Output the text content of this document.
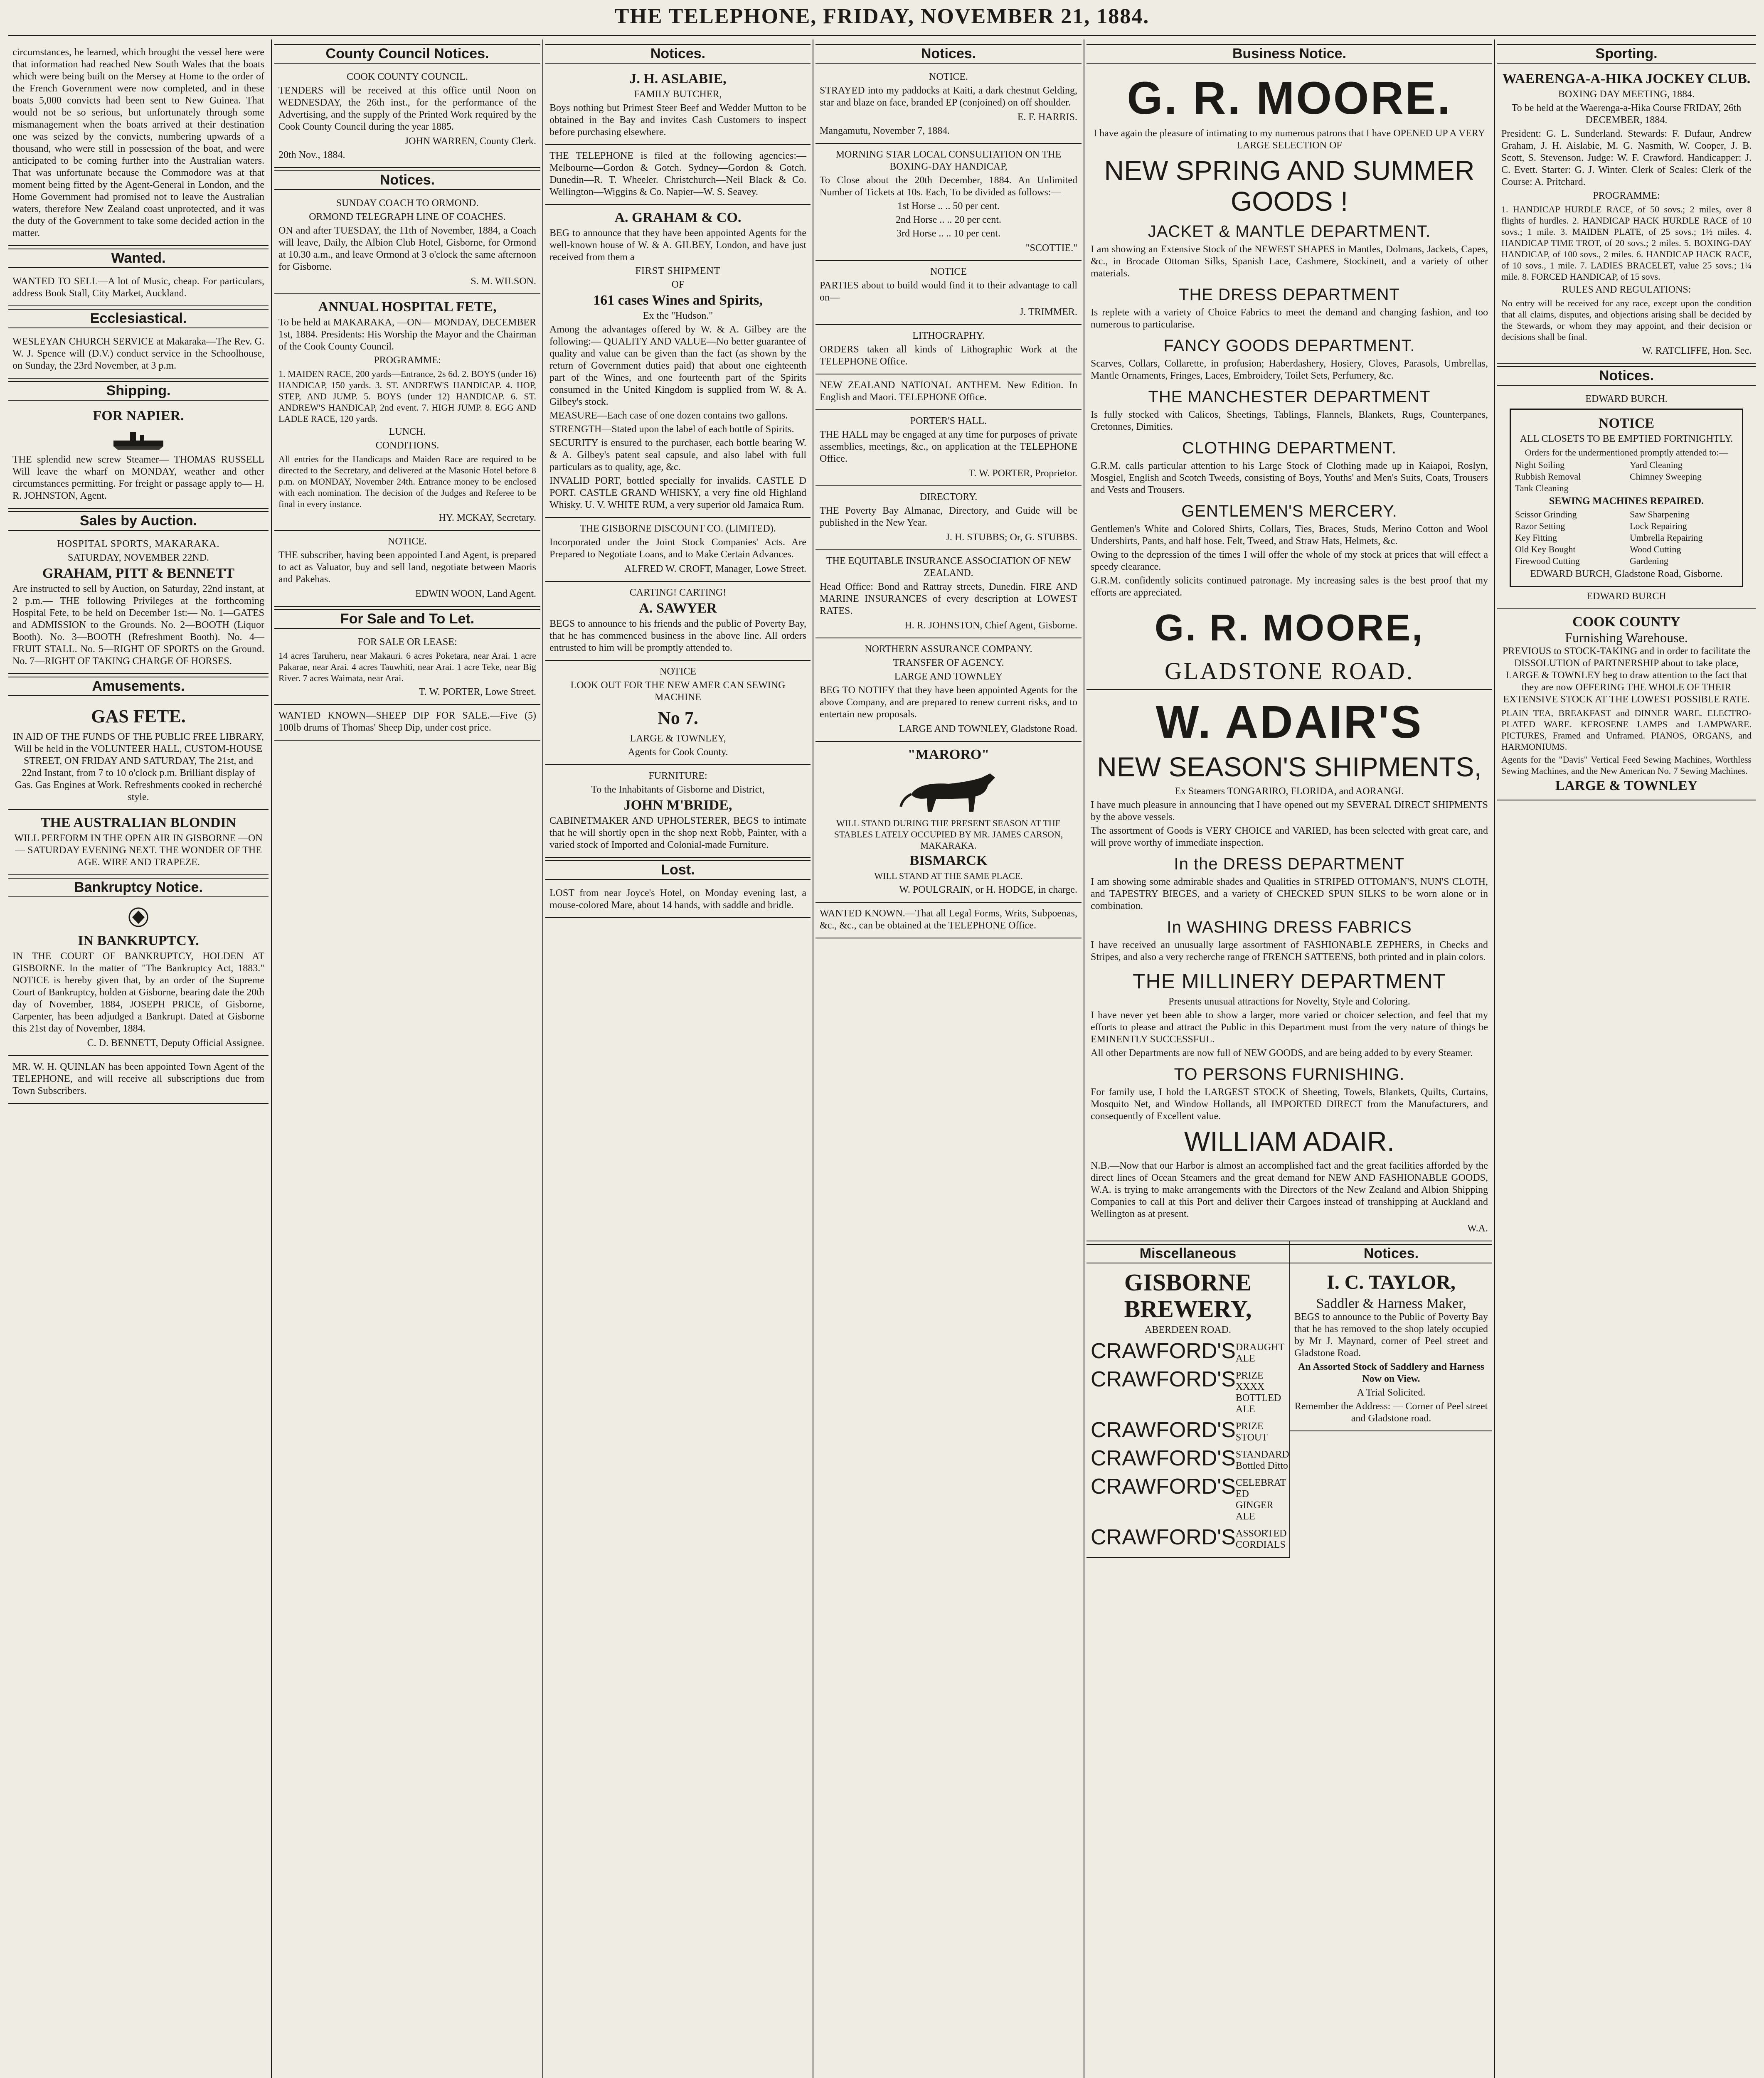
THE TELEPHONE, FRIDAY, NOVEMBER 21, 1884.

circumstances, he learned, which brought the vessel here were that information had reached New South Wales that the boats which were being built on the Mersey at Home to the order of the French Government were now completed, and in these boats 5,000 convicts had been sent to New Guinea. That would not be so serious, but unfortunately through some mismanagement when the boats arrived at their destination one was seized by the convicts, numbering upwards of a thousand, who were still in possession of the boat, and were anticipated to be coming further into the Australian waters. That was unfortunate because the Commodore was at that moment being fitted by the Agent-General in London, and the Home Government had promised not to leave the Australian waters, therefore New Zealand coast unprotected, and it was the duty of the Government to take some decided action in the matter.

Wanted.

WANTED TO SELL—A lot of Music, cheap. For particulars, address Book Stall, City Market, Auckland.

Ecclesiastical.

WESLEYAN CHURCH SERVICE at Makaraka—The Rev. G. W. J. Spence will (D.V.) conduct service in the Schoolhouse, on Sunday, the 23rd November, at 3 p.m.

Shipping.
FOR NAPIER.

THE splendid new screw Steamer— THOMAS RUSSELL Will leave the wharf on MONDAY, weather and other circumstances permitting. For freight or passage apply to— H. R. JOHNSTON, Agent.

Sales by Auction.

HOSPITAL SPORTS, MAKARAKA.

SATURDAY, NOVEMBER 22ND.

GRAHAM, PITT & BENNETT

Are instructed to sell by Auction, on Saturday, 22nd instant, at 2 p.m.— THE following Privileges at the forthcoming Hospital Fete, to be held on December 1st:— No. 1—GATES and ADMISSION to the Grounds. No. 2—BOOTH (Liquor Booth). No. 3—BOOTH (Refreshment Booth). No. 4—FRUIT STALL. No. 5—RIGHT OF SPORTS on the Ground. No. 7—RIGHT OF TAKING CHARGE OF HORSES.

Amusements.
GAS FETE.

IN AID OF THE FUNDS OF THE PUBLIC FREE LIBRARY, Will be held in the VOLUNTEER HALL, CUSTOM-HOUSE STREET, ON FRIDAY AND SATURDAY, The 21st, and 22nd Instant, from 7 to 10 o'clock p.m. Brilliant display of Gas. Gas Engines at Work. Refreshments cooked in recherché style.

THE AUSTRALIAN BLONDIN

WILL PERFORM IN THE OPEN AIR IN GISBORNE —ON— SATURDAY EVENING NEXT. THE WONDER OF THE AGE. WIRE AND TRAPEZE.

Bankruptcy Notice.
IN BANKRUPTCY.

IN THE COURT OF BANKRUPTCY, HOLDEN AT GISBORNE. In the matter of "The Bankruptcy Act, 1883." NOTICE is hereby given that, by an order of the Supreme Court of Bankruptcy, holden at Gisborne, bearing date the 20th day of November, 1884, JOSEPH PRICE, of Gisborne, Carpenter, has been adjudged a Bankrupt. Dated at Gisborne this 21st day of November, 1884.

C. D. BENNETT, Deputy Official Assignee.

MR. W. H. QUINLAN has been appointed Town Agent of the TELEPHONE, and will receive all subscriptions due from Town Subscribers.

County Council Notices.

COOK COUNTY COUNCIL.

TENDERS will be received at this office until Noon on WEDNESDAY, the 26th inst., for the performance of the Advertising, and the supply of the Printed Work required by the Cook County Council during the year 1885.

JOHN WARREN, County Clerk.

20th Nov., 1884.

Notices.

SUNDAY COACH TO ORMOND.

ORMOND TELEGRAPH LINE OF COACHES.

ON and after TUESDAY, the 11th of November, 1884, a Coach will leave, Daily, the Albion Club Hotel, Gisborne, for Ormond at 10.30 a.m., and leave Ormond at 3 o'clock the same afternoon for Gisborne.

S. M. WILSON.

ANNUAL HOSPITAL FETE,

To be held at MAKARAKA, —ON— MONDAY, DECEMBER 1st, 1884. Presidents: His Worship the Mayor and the Chairman of the Cook County Council.

PROGRAMME:

1. MAIDEN RACE, 200 yards—Entrance, 2s 6d. 2. BOYS (under 16) HANDICAP, 150 yards. 3. ST. ANDREW'S HANDICAP. 4. HOP, STEP, AND JUMP. 5. BOYS (under 12) HANDICAP. 6. ST. ANDREW'S HANDICAP, 2nd event. 7. HIGH JUMP. 8. EGG AND LADLE RACE, 120 yards.

LUNCH.

CONDITIONS.

All entries for the Handicaps and Maiden Race are required to be directed to the Secretary, and delivered at the Masonic Hotel before 8 p.m. on MONDAY, November 24th. Entrance money to be enclosed with each nomination. The decision of the Judges and Referee to be final in every instance.

HY. MCKAY, Secretary.

NOTICE.

THE subscriber, having been appointed Land Agent, is prepared to act as Valuator, buy and sell land, negotiate between Maoris and Pakehas.

EDWIN WOON, Land Agent.

For Sale and To Let.

FOR SALE OR LEASE:

14 acres Taruheru, near Makauri. 6 acres Poketara, near Arai. 1 acre Pakarae, near Arai. 4 acres Tauwhiti, near Arai. 1 acre Teke, near Big River. 7 acres Waimata, near Arai.

T. W. PORTER, Lowe Street.

WANTED KNOWN—SHEEP DIP FOR SALE.—Five (5) 100lb drums of Thomas' Sheep Dip, under cost price.

Notices.
J. H. ASLABIE,

FAMILY BUTCHER,

Boys nothing but Primest Steer Beef and Wedder Mutton to be obtained in the Bay and invites Cash Customers to inspect before purchasing elsewhere.

THE TELEPHONE is filed at the following agencies:— Melbourne—Gordon & Gotch. Sydney—Gordon & Gotch. Dunedin—R. T. Wheeler. Christchurch—Neil Black & Co. Wellington—Wiggins & Co. Napier—W. S. Seavey.

A. GRAHAM & CO.

BEG to announce that they have been appointed Agents for the well-known house of W. & A. GILBEY, London, and have just received from them a

FIRST SHIPMENT

OF

161 cases Wines and Spirits,

Ex the "Hudson."

Among the advantages offered by W. & A. Gilbey are the following:— QUALITY AND VALUE—No better guarantee of quality and value can be given than the fact (as shown by the return of Government duties paid) that about one eighteenth part of the Wines, and one fourteenth part of the Spirits consumed in the United Kingdom is supplied from W. & A. Gilbey's stock.

MEASURE—Each case of one dozen contains two gallons.

STRENGTH—Stated upon the label of each bottle of Spirits.

SECURITY is ensured to the purchaser, each bottle bearing W. & A. Gilbey's patent seal capsule, and also label with full particulars as to quality, age, &c.

INVALID PORT, bottled specially for invalids. CASTLE D PORT. CASTLE GRAND WHISKY, a very fine old Highland Whisky. U. V. WHITE RUM, a very superior old Jamaica Rum.

THE GISBORNE DISCOUNT CO. (LIMITED).

Incorporated under the Joint Stock Companies' Acts. Are Prepared to Negotiate Loans, and to Make Certain Advances.

ALFRED W. CROFT, Manager, Lowe Street.

CARTING! CARTING!

A. SAWYER

BEGS to announce to his friends and the public of Poverty Bay, that he has commenced business in the above line. All orders entrusted to him will be promptly attended to.

NOTICE

LOOK OUT FOR THE NEW AMER CAN SEWING MACHINE

No 7.

LARGE & TOWNLEY,

Agents for Cook County.

FURNITURE:

To the Inhabitants of Gisborne and District,

JOHN M'BRIDE,

CABINETMAKER AND UPHOLSTERER, BEGS to intimate that he will shortly open in the shop next Robb, Painter, with a varied stock of Imported and Colonial-made Furniture.

Lost.

LOST from near Joyce's Hotel, on Monday evening last, a mouse-colored Mare, about 14 hands, with saddle and bridle.

Notices.

NOTICE.

STRAYED into my paddocks at Kaiti, a dark chestnut Gelding, star and blaze on face, branded EP (conjoined) on off shoulder.

E. F. HARRIS.

Mangamutu, November 7, 1884.

MORNING STAR LOCAL CONSULTATION ON THE BOXING-DAY HANDICAP,

To Close about the 20th December, 1884. An Unlimited Number of Tickets at 10s. Each, To be divided as follows:—

1st Horse .. .. 50 per cent.

2nd Horse .. .. 20 per cent.

3rd Horse .. .. 10 per cent.

"SCOTTIE."

NOTICE

PARTIES about to build would find it to their advantage to call on—

J. TRIMMER.

LITHOGRAPHY.

ORDERS taken all kinds of Lithographic Work at the TELEPHONE Office.

NEW ZEALAND NATIONAL ANTHEM. New Edition. In English and Maori. TELEPHONE Office.

PORTER'S HALL.

THE HALL may be engaged at any time for purposes of private assemblies, meetings, &c., on application at the TELEPHONE Office.

T. W. PORTER, Proprietor.

DIRECTORY.

THE Poverty Bay Almanac, Directory, and Guide will be published in the New Year.

J. H. STUBBS; Or, G. STUBBS.

THE EQUITABLE INSURANCE ASSOCIATION OF NEW ZEALAND.

Head Office: Bond and Rattray streets, Dunedin. FIRE AND MARINE INSURANCES of every description at LOWEST RATES.

H. R. JOHNSTON, Chief Agent, Gisborne.

NORTHERN ASSURANCE COMPANY.

TRANSFER OF AGENCY.

LARGE AND TOWNLEY

BEG TO NOTIFY that they have been appointed Agents for the above Company, and are prepared to renew current risks, and to entertain new proposals.

LARGE AND TOWNLEY, Gladstone Road.

"MARORO"

WILL STAND DURING THE PRESENT SEASON AT THE STABLES LATELY OCCUPIED BY MR. JAMES CARSON, MAKARAKA.

BISMARCK

WILL STAND AT THE SAME PLACE.

W. POULGRAIN, or H. HODGE, in charge.

WANTED KNOWN.—That all Legal Forms, Writs, Subpoenas, &c., &c., can be obtained at the TELEPHONE Office.

Business Notice.
G. R. MOORE.

I have again the pleasure of intimating to my numerous patrons that I have OPENED UP A VERY LARGE SELECTION OF

NEW SPRING AND SUMMER GOODS !
JACKET & MANTLE DEPARTMENT.

I am showing an Extensive Stock of the NEWEST SHAPES in Mantles, Dolmans, Jackets, Capes, &c., in Brocade Ottoman Silks, Spanish Lace, Cashmere, Stockinett, and a variety of other materials.

THE DRESS DEPARTMENT

Is replete with a variety of Choice Fabrics to meet the demand and changing fashion, and too numerous to particularise.

FANCY GOODS DEPARTMENT.

Scarves, Collars, Collarette, in profusion; Haberdashery, Hosiery, Gloves, Parasols, Umbrellas, Mantle Ornaments, Fringes, Laces, Embroidery, Toilet Sets, Perfumery, &c.

THE MANCHESTER DEPARTMENT

Is fully stocked with Calicos, Sheetings, Tablings, Flannels, Blankets, Rugs, Counterpanes, Cretonnes, Dimities.

CLOTHING DEPARTMENT.

G.R.M. calls particular attention to his Large Stock of Clothing made up in Kaiapoi, Roslyn, Mosgiel, English and Scotch Tweeds, consisting of Boys, Youths' and Men's Suits, Coats, Trousers and Vests and Trousers.

GENTLEMEN'S MERCERY.

Gentlemen's White and Colored Shirts, Collars, Ties, Braces, Studs, Merino Cotton and Wool Undershirts, Pants, and half hose. Felt, Tweed, and Straw Hats, Helmets, &c.

Owing to the depression of the times I will offer the whole of my stock at prices that will effect a speedy clearance.

G.R.M. confidently solicits continued patronage. My increasing sales is the best proof that my efforts are appreciated.

G. R. MOORE,
GLADSTONE ROAD.
W. ADAIR'S
NEW SEASON'S SHIPMENTS,

Ex Steamers TONGARIRO, FLORIDA, and AORANGI.

I have much pleasure in announcing that I have opened out my SEVERAL DIRECT SHIPMENTS by the above vessels.

The assortment of Goods is VERY CHOICE and VARIED, has been selected with great care, and will prove worthy of immediate inspection.

In the DRESS DEPARTMENT

I am showing some admirable shades and Qualities in STRIPED OTTOMAN'S, NUN'S CLOTH, and TAPESTRY BIEGES, and a variety of CHECKED SPUN SILKS to be worn alone or in combination.

In WASHING DRESS FABRICS

I have received an unusually large assortment of FASHIONABLE ZEPHERS, in Checks and Stripes, and also a very recherche range of FRENCH SATTEENS, both printed and in plain colors.

THE MILLINERY DEPARTMENT

Presents unusual attractions for Novelty, Style and Coloring.

I have never yet been able to show a larger, more varied or choicer selection, and feel that my efforts to please and attract the Public in this Department must from the very nature of things be EMINENTLY SUCCESSFUL.

All other Departments are now full of NEW GOODS, and are being added to by every Steamer.

TO PERSONS FURNISHING.

For family use, I hold the LARGEST STOCK of Sheeting, Towels, Blankets, Quilts, Curtains, Mosquito Net, and Window Hollands, all IMPORTED DIRECT from the Manufacturers, and consequently of Excellent value.

WILLIAM ADAIR.

N.B.—Now that our Harbor is almost an accomplished fact and the great facilities afforded by the direct lines of Ocean Steamers and the great demand for NEW AND FASHIONABLE GOODS, W.A. is trying to make arrangements with the Directors of the New Zealand and Albion Shipping Companies to call at this Port and deliver their Cargoes instead of transhipping at Auckland and Wellington as at present.

W.A.

Miscellaneous
GISBORNE BREWERY,

ABERDEEN ROAD.

CRAWFORD'S DRAUGHT ALE
CRAWFORD'S PRIZE XXXX BOTTLED ALE
CRAWFORD'S PRIZE STOUT
CRAWFORD'S STANDARD Bottled Ditto
CRAWFORD'S CELEBRAT ED GINGER ALE
CRAWFORD'S ASSORTED CORDIALS
Notices.
I. C. TAYLOR,

Saddler & Harness Maker,

BEGS to announce to the Public of Poverty Bay that he has removed to the shop lately occupied by Mr J. Maynard, corner of Peel street and Gladstone Road.

An Assorted Stock of Saddlery and Harness Now on View.

A Trial Solicited.

Remember the Address: — Corner of Peel street and Gladstone road.

Sporting.
WAERENGA-A-HIKA JOCKEY CLUB.

BOXING DAY MEETING, 1884.

To be held at the Waerenga-a-Hika Course FRIDAY, 26th DECEMBER, 1884.

President: G. L. Sunderland. Stewards: F. Dufaur, Andrew Graham, J. H. Aislabie, M. G. Nasmith, W. Cooper, J. B. Scott, S. Stevenson. Judge: W. F. Crawford. Handicapper: J. C. Evett. Starter: G. J. Winter. Clerk of Scales: Clerk of the Course: A. Pritchard.

PROGRAMME:

1. HANDICAP HURDLE RACE, of 50 sovs.; 2 miles, over 8 flights of hurdles. 2. HANDICAP HACK HURDLE RACE of 10 sovs.; 1 mile. 3. MAIDEN PLATE, of 25 sovs.; 1½ miles. 4. HANDICAP TIME TROT, of 20 sovs.; 2 miles. 5. BOXING-DAY HANDICAP, of 100 sovs., 2 miles. 6. HANDICAP HACK RACE, of 10 sovs., 1 mile. 7. LADIES BRACELET, value 25 sovs.; 1¼ mile. 8. FORCED HANDICAP, of 15 sovs.

RULES AND REGULATIONS:

No entry will be received for any race, except upon the condition that all claims, disputes, and objections arising shall be decided by the Stewards, or whom they may appoint, and their decision or decisions shall be final.

W. RATCLIFFE, Hon. Sec.

Notices.

EDWARD BURCH.

NOTICE

ALL CLOSETS TO BE EMPTIED FORTNIGHTLY.

Orders for the undermentioned promptly attended to:—

Night Soiling	Yard Cleaning
Rubbish Removal	Chimney Sweeping
Tank Cleaning

SEWING MACHINES REPAIRED.

Scissor Grinding	Saw Sharpening
Razor Setting	Lock Repairing
Key Fitting	Umbrella Repairing
Old Key Bought	Wood Cutting
Firewood Cutting	Gardening

EDWARD BURCH, Gladstone Road, Gisborne.

EDWARD BURCH

COOK COUNTY

Furnishing Warehouse.

PREVIOUS to STOCK-TAKING and in order to facilitate the DISSOLUTION of PARTNERSHIP about to take place, LARGE & TOWNLEY beg to draw attention to the fact that they are now OFFERING THE WHOLE OF THEIR EXTENSIVE STOCK AT THE LOWEST POSSIBLE RATE.

PLAIN TEA, BREAKFAST and DINNER WARE. ELECTRO-PLATED WARE. KEROSENE LAMPS and LAMPWARE. PICTURES, Framed and Unframed. PIANOS, ORGANS, and HARMONIUMS.

Agents for the "Davis" Vertical Feed Sewing Machines, Worthless Sewing Machines, and the New American No. 7 Sewing Machines.

LARGE & TOWNLEY
